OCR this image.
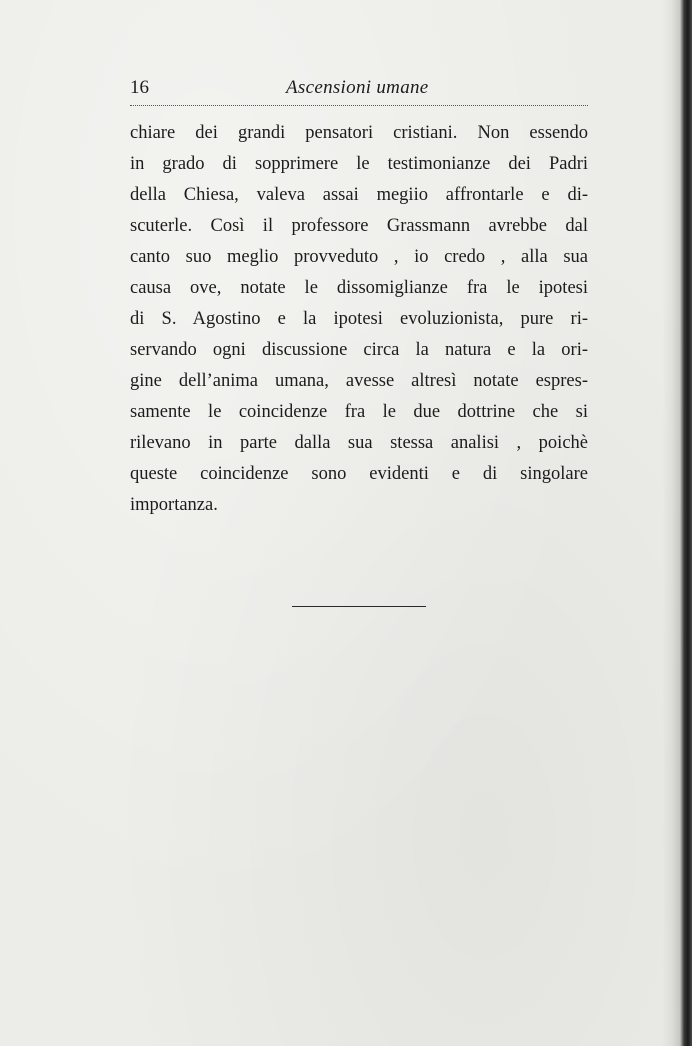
16	Ascensioni umane

chiare dei grandi pensatori cristiani. Non essendo
in grado di sopprimere le testimonianze dei Padri
della Chiesa, valeva assai megiio affrontarle e di-
scuterle. Così il professore Grassmann avrebbe dal
canto suo meglio provveduto , io credo , alla sua
causa ove, notate le dissomiglianze fra le ipotesi
di S. Agostino e la ipotesi evoluzionista, pure ri-
servando ogni discussione circa la natura e la ori-
gine dell’anima umana, avesse altresì notate espres-
samente le coincidenze fra le due dottrine che si
rilevano in parte dalla sua stessa analisi , poichè
queste coincidenze sono evidenti e di singolare
importanza.
